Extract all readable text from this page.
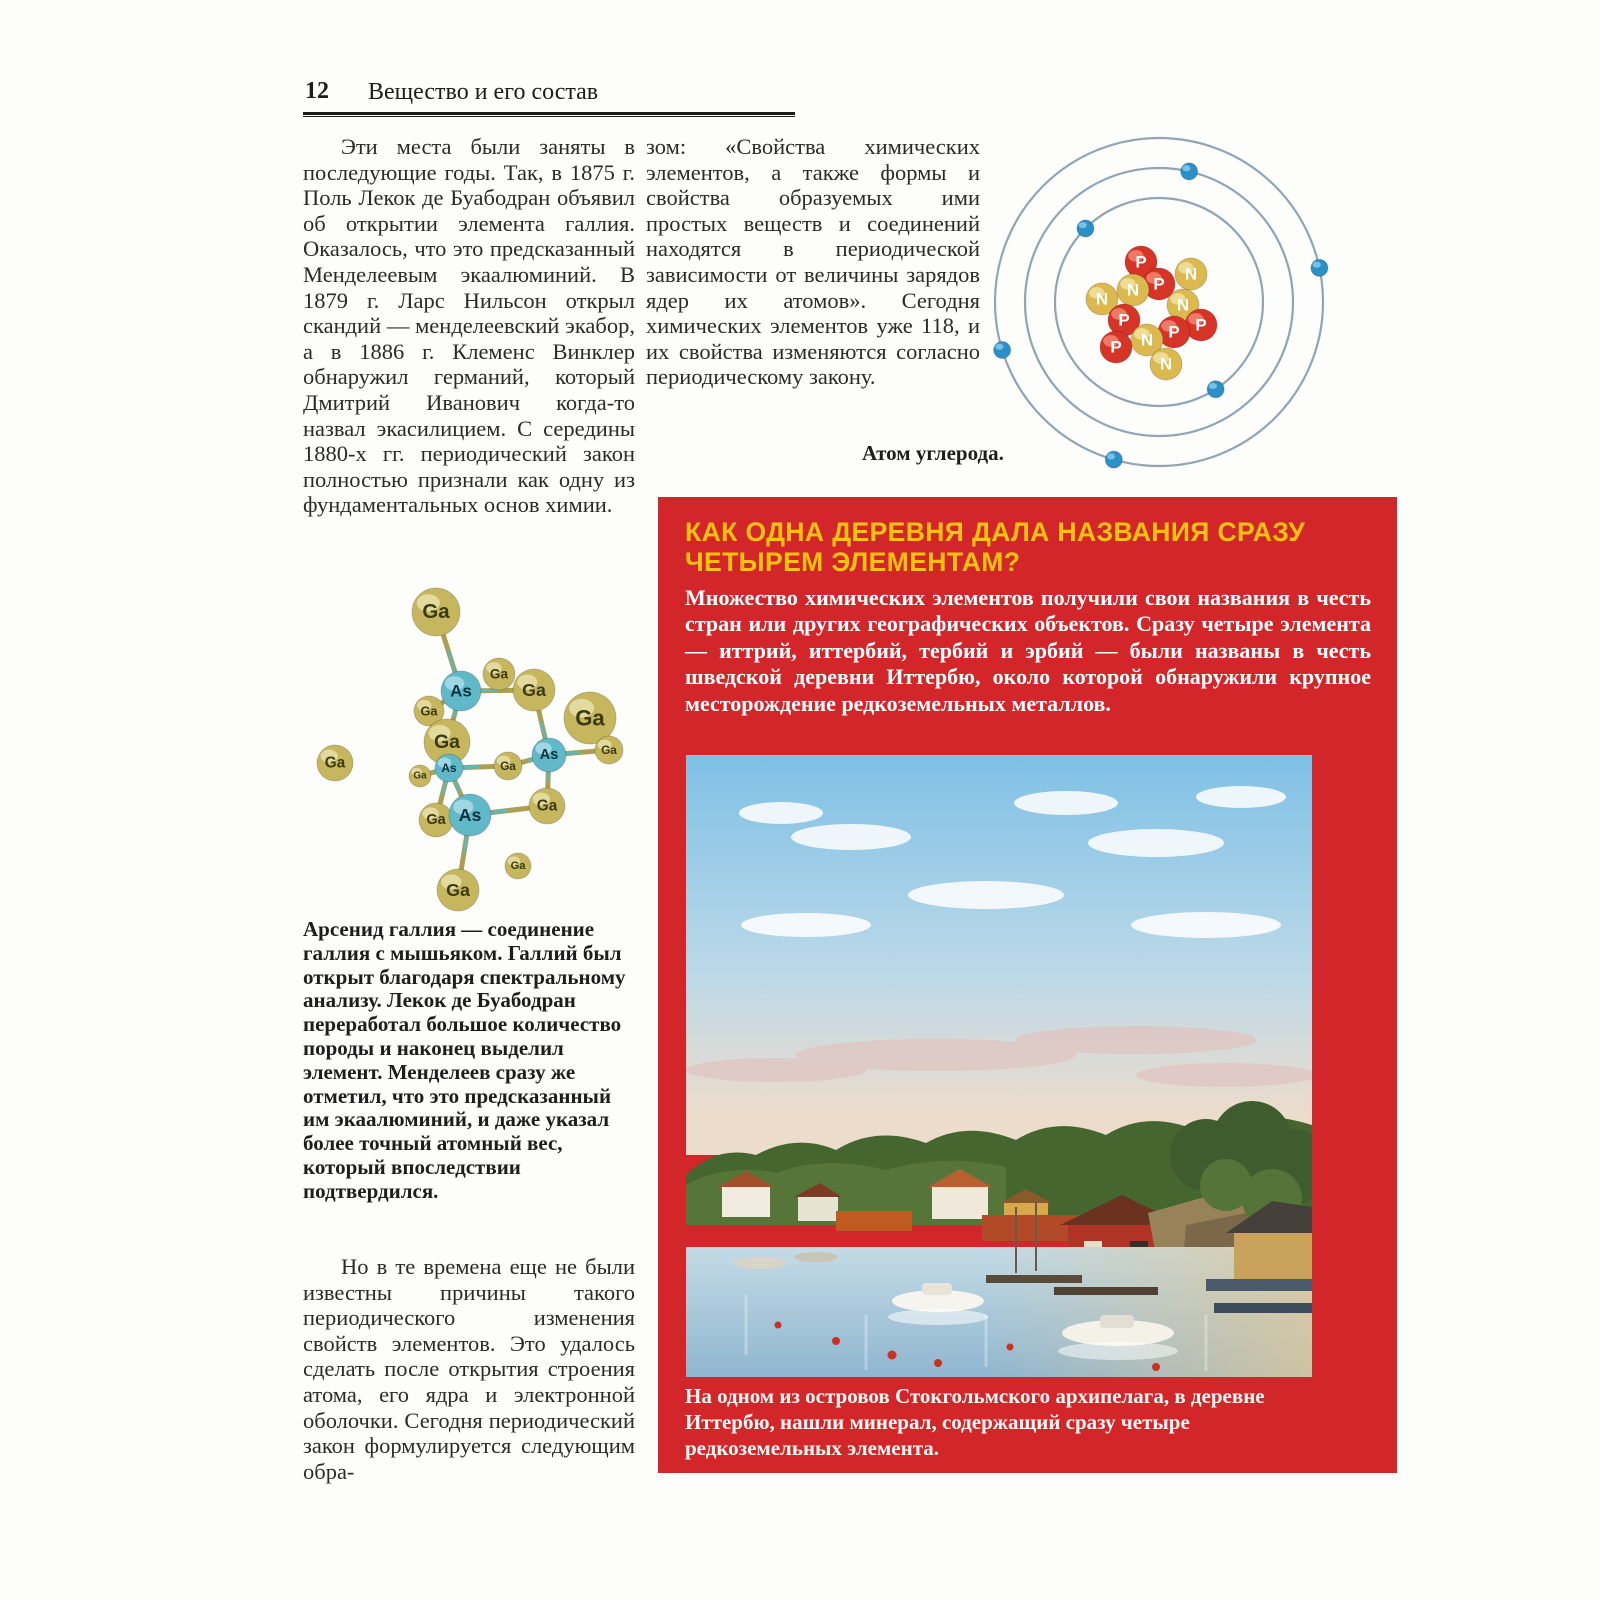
12 Вещество и его состав
Эти места были заняты в последующие годы. Так, в 1875 г. Поль Лекок де Буабодран объявил об открытии элемента галлия. Оказалось, что это предсказанный Менделеевым экаалюминий. В 1879 г. Ларс Нильсон открыл скандий — менделеевский экабор, а в 1886 г. Клеменс Винклер обнаружил германий, который Дмитрий Иванович когда-то назвал экасилицием. С середины 1880-х гг. периодический закон полностью признали как одну из фундаментальных основ химии.
Ga
Ga
As	Ga
Ga	Ga
Ga
Ga	As
Ga
Ga
As	Ga
Ga As	Ga
Ga
Ga
Арсенид галлия — соединение галлия с мышьяком. Галлий был открыт благодаря спектральному анализу. Лекок де Буабодран переработал большое количество породы и наконец выделил элемент. Менделеев сразу же отметил, что это предсказанный им экаалюминий, и даже указал более точный атомный вес, который впоследствии подтвердился.
Но в те времена еще не были известны причины такого периодического изменения свойств элементов. Это удалось сделать после открытия строения атома, его ядра и электронной оболочки. Сегодня периодический закон формулируется следующим обра-
зом: «Свойства химических элементов, а также формы и свойства образуемых ими простых веществ и соединений находятся в периодической зависимости от величины зарядов ядер их атомов». Сегодня химических элементов уже 118, и их свойства изменяются согласно периодическому закону.
P
N
P
N
N	N
P	P
P
N
P
N
Атом углерода.
КАК ОДНА ДЕРЕВНЯ ДАЛА НАЗВАНИЯ СРАЗУ
ЧЕТЫРЕМ ЭЛЕМЕНТАМ?
Множество химических элементов получили свои названия в честь стран или других географических объектов. Сразу четыре элемента — иттрий, иттербий, тербий и эрбий — были названы в честь шведской деревни Иттербю, около которой обнаружили крупное месторождение редкоземельных металлов.
На одном из островов Стокгольмского архипелага, в деревне
Иттербю, нашли минерал, содержащий сразу четыре
редкоземельных элемента.
